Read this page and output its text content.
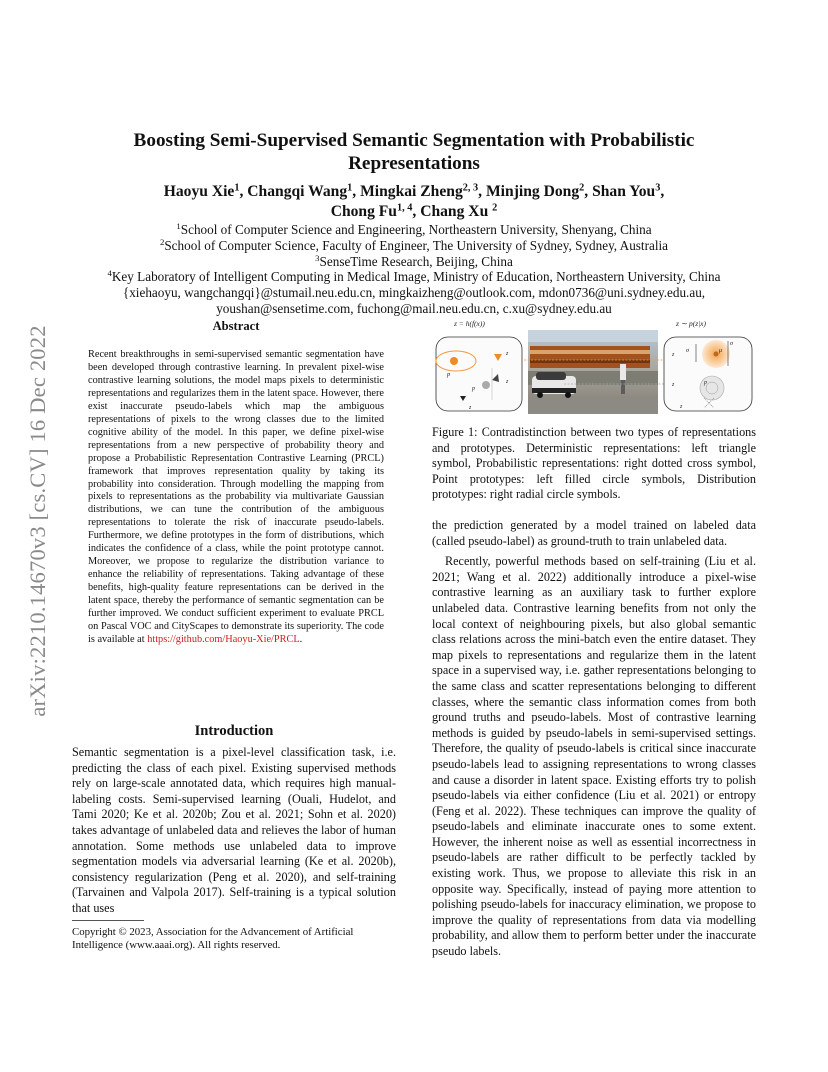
arXiv:2210.14670v3 [cs.CV] 16 Dec 2022
Boosting Semi-Supervised Semantic Segmentation with Probabilistic Representations
Haoyu Xie$^1$, Changqi Wang$^1$, Mingkai Zheng$^{2, 3}$, Minjing Dong$^2$, Shan You$^3$,
Chong Fu$^{1, 4}$, Chang Xu $^2$
$^1$School of Computer Science and Engineering, Northeastern University, Shenyang, China
$^2$School of Computer Science, Faculty of Engineer, The University of Sydney, Sydney, Australia
$^3$SenseTime Research, Beijing, China
$^4$Key Laboratory of Intelligent Computing in Medical Image, Ministry of Education, Northeastern University, China
{xiehaoyu, wangchangqi}@stumail.neu.edu.cn, mingkaizheng@outlook.com, mdon0736@uni.sydney.edu.au,
youshan@sensetime.com, fuchong@mail.neu.edu.cn, c.xu@sydney.edu.au
Abstract
Recent breakthroughs in semi-supervised semantic segmentation have been developed through contrastive learning. In prevalent pixel-wise contrastive learning solutions, the model maps pixels to deterministic representations and regularizes them in the latent space. However, there exist inaccurate pseudo-labels which map the ambiguous representations of pixels to the wrong classes due to the limited cognitive ability of the model. In this paper, we define pixel-wise representations from a new perspective of probability theory and propose a Probabilistic Representation Contrastive Learning (PRCL) framework that improves representation quality by taking its probability into consideration. Through modelling the mapping from pixels to representations as the probability via multivariate Gaussian distributions, we can tune the contribution of the ambiguous representations to tolerate the risk of inaccurate pseudo-labels. Furthermore, we define prototypes in the form of distributions, which indicates the confidence of a class, while the point prototype cannot. Moreover, we propose to regularize the distribution variance to enhance the reliability of representations. Taking advantage of these benefits, high-quality feature representations can be derived in the latent space, thereby the performance of semantic segmentation can be further improved. We conduct sufficient experiment to evaluate PRCL on Pascal VOC and CityScapes to demonstrate its superiority. The code is available at https://github.com/Haoyu-Xie/PRCL.
Introduction
Semantic segmentation is a pixel-level classification task, i.e. predicting the class of each pixel. Existing supervised methods rely on large-scale annotated data, which requires high manual-labeling costs. Semi-supervised learning (Ouali, Hudelot, and Tami 2020; Ke et al. 2020b; Zou et al. 2021; Sohn et al. 2020) takes advantage of unlabeled data and relieves the labor of human annotation. Some methods use unlabeled data to improve segmentation models via adversarial learning (Ke et al. 2020b), consistency regularization (Peng et al. 2020), and self-training (Tarvainen and Valpola 2017). Self-training is a typical solution that uses
Copyright © 2023, Association for the Advancement of Artificial Intelligence (www.aaai.org). All rights reserved.
z = h(f(x))	z ∼ p(z|x)
p
z
p
z
z
μ
σ
σ
z
p
z
z
Figure 1: Contradistinction between two types of representations and prototypes. Deterministic representations: left triangle symbol, Probabilistic representations: right dotted cross symbol, Point prototypes: left filled circle symbols, Distribution prototypes: right radial circle symbols.

the prediction generated by a model trained on labeled data (called pseudo-label) as ground-truth to train unlabeled data.

Recently, powerful methods based on self-training (Liu et al. 2021; Wang et al. 2022) additionally introduce a pixel-wise contrastive learning as an auxiliary task to further explore unlabeled data. Contrastive learning benefits from not only the local context of neighbouring pixels, but also global semantic class relations across the mini-batch even the entire dataset. They map pixels to representations and regularize them in the latent space in a supervised way, i.e. gather representations belonging to the same class and scatter representations belonging to different classes, where the semantic class information comes from both ground truths and pseudo-labels. Most of contrastive learning methods is guided by pseudo-labels in semi-supervised settings. Therefore, the quality of pseudo-labels is critical since inaccurate pseudo-labels lead to assigning representations to wrong classes and cause a disorder in latent space. Existing efforts try to polish pseudo-labels via either confidence (Liu et al. 2021) or entropy (Feng et al. 2022). These techniques can improve the quality of pseudo-labels and eliminate inaccurate ones to some extent. However, the inherent noise as well as essential incorrectness in pseudo-labels are rather difficult to be perfectly tackled by existing work. Thus, we propose to alleviate this risk in an opposite way. Specifically, instead of paying more attention to polishing pseudo-labels for inaccuracy elimination, we propose to improve the quality of representations from data via modelling probability, and allow them to perform better under the inaccurate pseudo labels.
